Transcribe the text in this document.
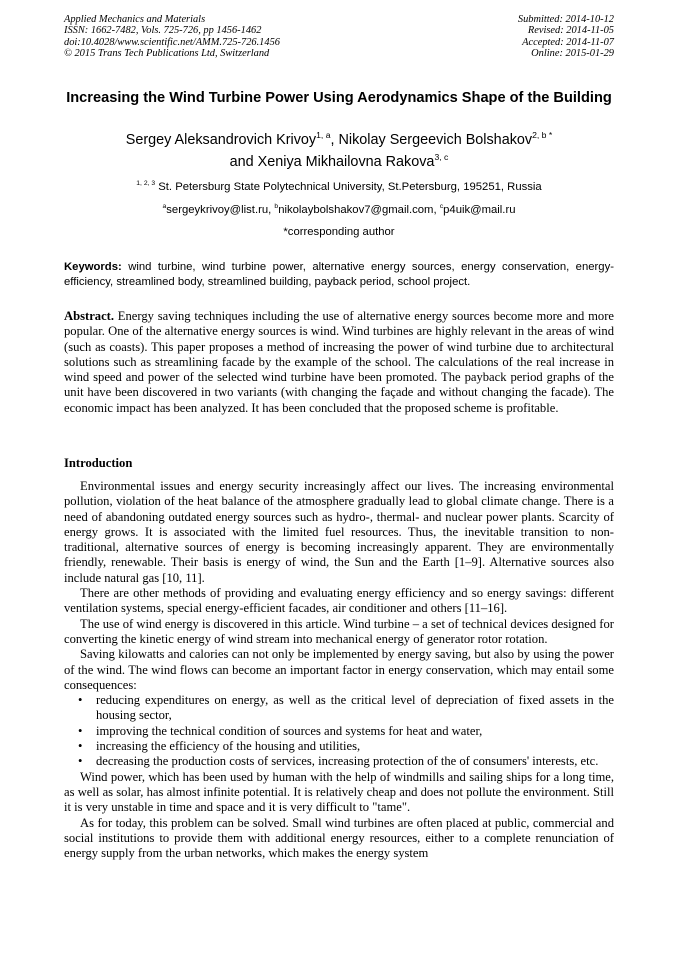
Applied Mechanics and Materials
ISSN: 1662-7482, Vols. 725-726, pp 1456-1462
doi:10.4028/www.scientific.net/AMM.725-726.1456
© 2015 Trans Tech Publications Ltd, Switzerland
Submitted: 2014-10-12
Revised: 2014-11-05
Accepted: 2014-11-07
Online: 2015-01-29
Increasing the Wind Turbine Power Using Aerodynamics Shape of the Building
Sergey Aleksandrovich Krivoy$^{1, a}$, Nikolay Sergeevich Bolshakov$^{2, b *}$
and Xeniya Mikhailovna Rakova$^{3, c}$
$^{1, 2, 3}$ St. Petersburg State Polytechnical University, St.Petersburg, 195251, Russia
$^a$sergeykrivoy@list.ru, $^b$nikolaybolshakov7@gmail.com, $^c$p4uik@mail.ru
*corresponding author
Keywords: wind turbine, wind turbine power, alternative energy sources, energy conservation, energy-efficiency, streamlined body, streamlined building, payback period, school project.

Abstract. Energy saving techniques including the use of alternative energy sources become more and more popular. One of the alternative energy sources is wind. Wind turbines are highly relevant in the areas of wind (such as coasts). This paper proposes a method of increasing the power of wind turbine due to architectural solutions such as streamlining facade by the example of the school. The calculations of the real increase in wind speed and power of the selected wind turbine have been promoted. The payback period graphs of the unit have been discovered in two variants (with changing the façade and without changing the facade). The economic impact has been analyzed. It has been concluded that the proposed scheme is profitable.

Introduction

Environmental issues and energy security increasingly affect our lives. The increasing environmental pollution, violation of the heat balance of the atmosphere gradually lead to global climate change. There is a need of abandoning outdated energy sources such as hydro-, thermal- and nuclear power plants. Scarcity of energy grows. It is associated with the limited fuel resources. Thus, the inevitable transition to non-traditional, alternative sources of energy is becoming increasingly apparent. They are environmentally friendly, renewable. Their basis is energy of wind, the Sun and the Earth [1–9]. Alternative sources also include natural gas [10, 11].

There are other methods of providing and evaluating energy efficiency and so energy savings: different ventilation systems, special energy-efficient facades, air conditioner and others [11–16].

The use of wind energy is discovered in this article. Wind turbine – a set of technical devices designed for converting the kinetic energy of wind stream into mechanical energy of generator rotor rotation.

Saving kilowatts and calories can not only be implemented by energy saving, but also by using the power of the wind. The wind flows can become an important factor in energy conservation, which may entail some consequences:

• reducing expenditures on energy, as well as the critical level of depreciation of fixed assets in the housing sector,
• improving the technical condition of sources and systems for heat and water,
• increasing the efficiency of the housing and utilities,
• decreasing the production costs of services, increasing protection of the of consumers' interests, etc.

Wind power, which has been used by human with the help of windmills and sailing ships for a long time, as well as solar, has almost infinite potential. It is relatively cheap and does not pollute the environment. Still it is very unstable in time and space and it is very difficult to "tame".

As for today, this problem can be solved. Small wind turbines are often placed at public, commercial and social institutions to provide them with additional energy resources, either to a complete renunciation of energy supply from the urban networks, which makes the energy system
